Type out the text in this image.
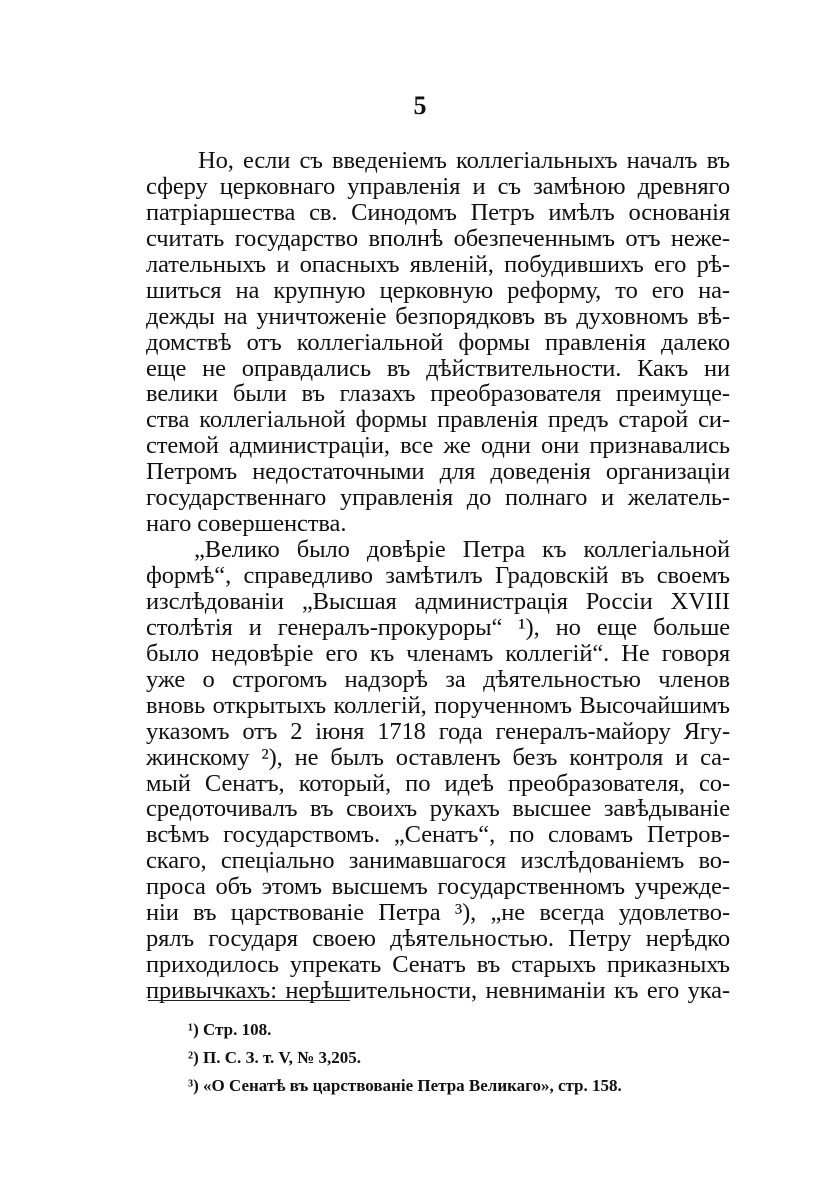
5
Но, если съ введеніемъ коллегіальныхъ началъ въ
сферу церковнаго управленія и съ замѣною древняго
патріаршества св. Синодомъ Петръ имѣлъ основанія
считать государство вполнѣ обезпеченнымъ отъ неже-
лательныхъ и опасныхъ явленій, побудившихъ его рѣ-
шиться на крупную церковную реформу, то его на-
дежды на уничтоженіе безпорядковъ въ духовномъ вѣ-
домствѣ отъ коллегіальной формы правленія далеко
еще не оправдались въ дѣйствительности. Какъ ни
велики были въ глазахъ преобразователя преимуще-
ства коллегіальной формы правленія предъ старой си-
стемой администраціи, все же одни они признавались
Петромъ недостаточными для доведенія организаціи
государственнаго управленія до полнаго и желатель-
наго совершенства.
„Велико было довѣріе Петра къ коллегіальной
формѣ“, справедливо замѣтилъ Градовскій въ своемъ
изслѣдованіи „Высшая администрація Россіи XVIII
столѣтія и генералъ-прокуроры“ ¹), но еще больше
было недовѣріе его къ членамъ коллегій“. Не говоря
уже о строгомъ надзорѣ за дѣятельностью членов
вновь открытыхъ коллегій, порученномъ Высочайшимъ
указомъ отъ 2 іюня 1718 года генералъ-майору Ягу-
жинскому ²), не былъ оставленъ безъ контроля и са-
мый Сенатъ, который, по идеѣ преобразователя, со-
средоточивалъ въ своихъ рукахъ высшее завѣдываніе
всѣмъ государствомъ. „Сенатъ“, по словамъ Петров-
скаго, спеціально занимавшагося изслѣдованіемъ во-
проса объ этомъ высшемъ государственномъ учрежде-
ніи въ царствованіе Петра ³), „не всегда удовлетво-
рялъ государя своею дѣятельностью. Петру нерѣдко
приходилось упрекать Сенатъ въ старыхъ приказныхъ
привычкахъ: нерѣшительности, невниманіи къ его ука-
¹) Стр. 108.
²) П. С. З. т. V, № 3,205.
³) «О Сенатѣ въ царствованіе Петра Великаго», стр. 158.
